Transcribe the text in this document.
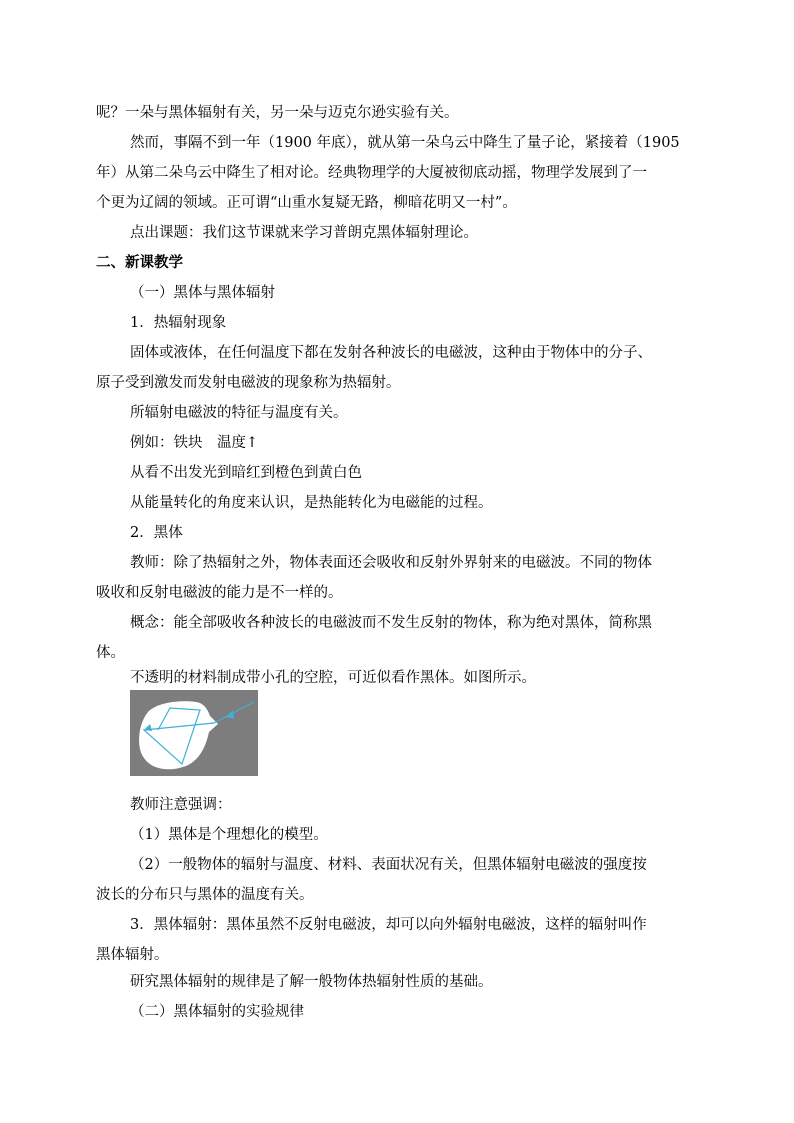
呢？一朵与黑体辐射有关，另一朵与迈克尔逊实验有关。
然而，事隔不到一年（1900 年底），就从第一朵乌云中降生了量子论，紧接着（1905
年）从第二朵乌云中降生了相对论。经典物理学的大厦被彻底动摇，物理学发展到了一
个更为辽阔的领域。正可谓“山重水复疑无路，柳暗花明又一村”。
点出课题：我们这节课就来学习普朗克黑体辐射理论。
二、新课教学
（一）黑体与黑体辐射
1．热辐射现象
固体或液体，在任何温度下都在发射各种波长的电磁波，这种由于物体中的分子、
原子受到激发而发射电磁波的现象称为热辐射。
所辐射电磁波的特征与温度有关。
例如：铁块　温度↑
从看不出发光到暗红到橙色到黄白色
从能量转化的角度来认识，是热能转化为电磁能的过程。
2．黑体
教师：除了热辐射之外，物体表面还会吸收和反射外界射来的电磁波。不同的物体
吸收和反射电磁波的能力是不一样的。
概念：能全部吸收各种波长的电磁波而不发生反射的物体，称为绝对黑体，简称黑
体。
不透明的材料制成带小孔的空腔，可近似看作黑体。如图所示。
教师注意强调：
（1）黑体是个理想化的模型。
（2）一般物体的辐射与温度、材料、表面状况有关，但黑体辐射电磁波的强度按
波长的分布只与黑体的温度有关。
3．黑体辐射：黑体虽然不反射电磁波，却可以向外辐射电磁波，这样的辐射叫作
黑体辐射。
研究黑体辐射的规律是了解一般物体热辐射性质的基础。
（二）黑体辐射的实验规律
